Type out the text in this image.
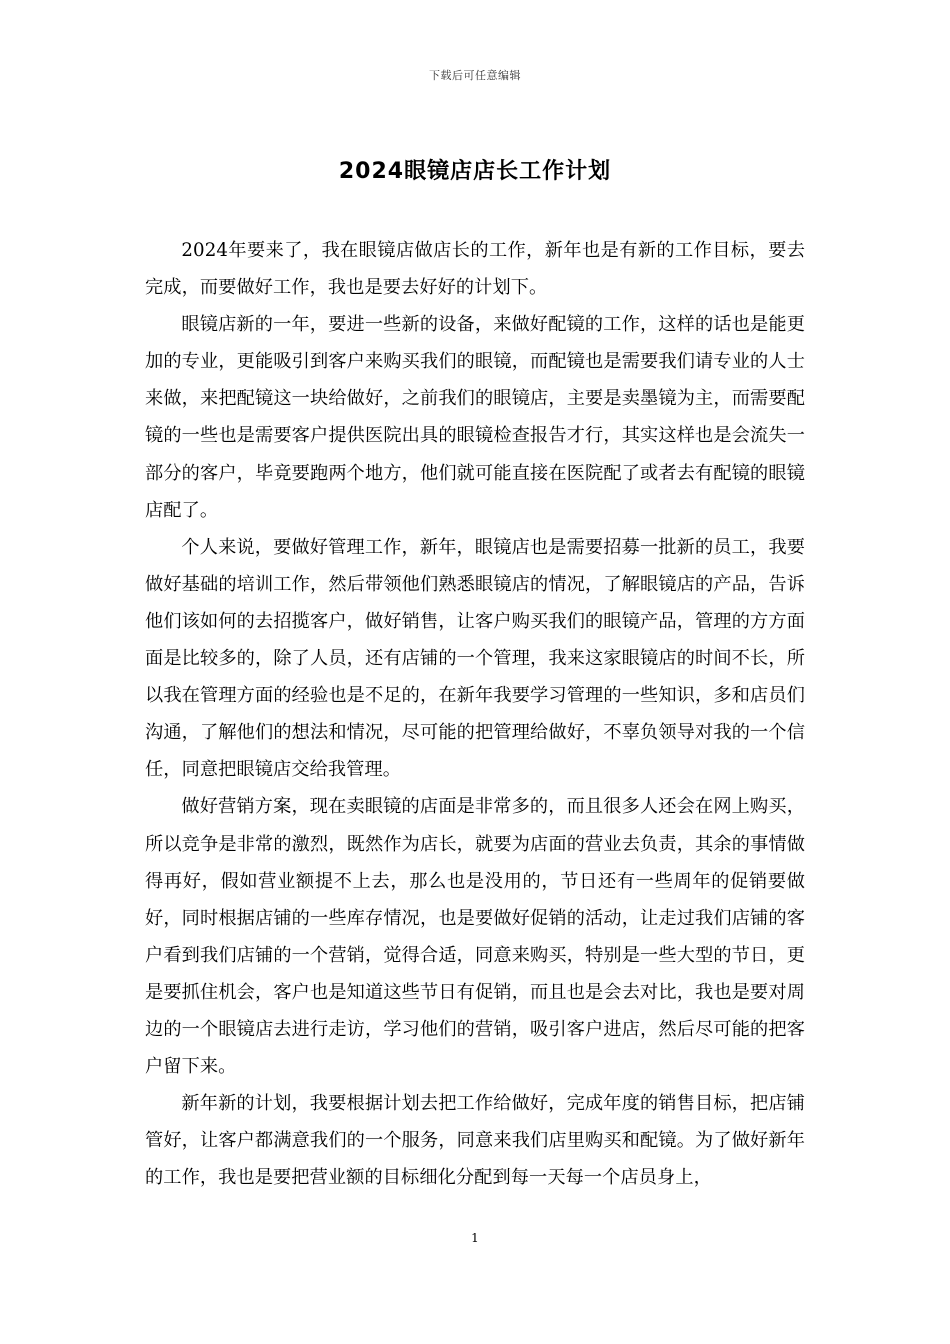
下载后可任意编辑
2024眼镜店店长工作计划

2024年要来了，我在眼镜店做店长的工作，新年也是有新的工作目标，要去完成，而要做好工作，我也是要去好好的计划下。

眼镜店新的一年，要进一些新的设备，来做好配镜的工作，这样的话也是能更加的专业，更能吸引到客户来购买我们的眼镜，而配镜也是需要我们请专业的人士来做，来把配镜这一块给做好，之前我们的眼镜店，主要是卖墨镜为主，而需要配镜的一些也是需要客户提供医院出具的眼镜检查报告才行，其实这样也是会流失一部分的客户，毕竟要跑两个地方，他们就可能直接在医院配了或者去有配镜的眼镜店配了。

个人来说，要做好管理工作，新年，眼镜店也是需要招募一批新的员工，我要做好基础的培训工作，然后带领他们熟悉眼镜店的情况，了解眼镜店的产品，告诉他们该如何的去招揽客户，做好销售，让客户购买我们的眼镜产品，管理的方方面面是比较多的，除了人员，还有店铺的一个管理，我来这家眼镜店的时间不长，所以我在管理方面的经验也是不足的，在新年我要学习管理的一些知识，多和店员们沟通，了解他们的想法和情况，尽可能的把管理给做好，不辜负领导对我的一个信任，同意把眼镜店交给我管理。

做好营销方案，现在卖眼镜的店面是非常多的，而且很多人还会在网上购买，所以竞争是非常的激烈，既然作为店长，就要为店面的营业去负责，其余的事情做得再好，假如营业额提不上去，那么也是没用的，节日还有一些周年的促销要做好，同时根据店铺的一些库存情况，也是要做好促销的活动，让走过我们店铺的客户看到我们店铺的一个营销，觉得合适，同意来购买，特别是一些大型的节日，更是要抓住机会，客户也是知道这些节日有促销，而且也是会去对比，我也是要对周边的一个眼镜店去进行走访，学习他们的营销，吸引客户进店，然后尽可能的把客户留下来。

新年新的计划，我要根据计划去把工作给做好，完成年度的销售目标，把店铺管好，让客户都满意我们的一个服务，同意来我们店里购买和配镜。为了做好新年的工作，我也是要把营业额的目标细化分配到每一天每一个店员身上，

1
